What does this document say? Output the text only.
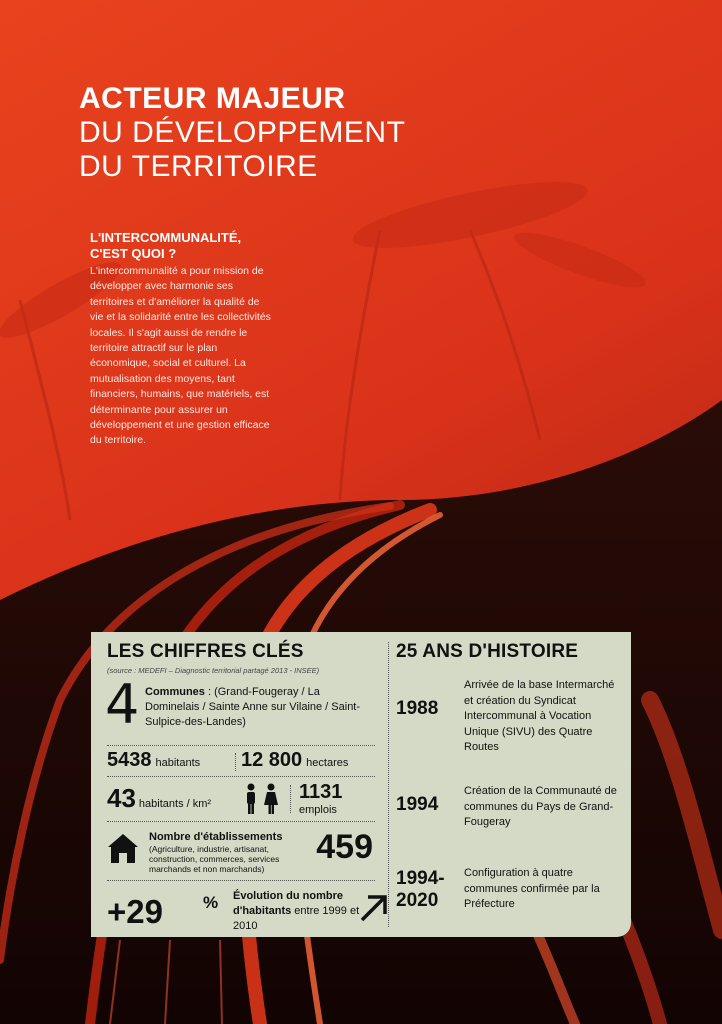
ACTEUR MAJEUR
DU DÉVELOPPEMENT
DU TERRITOIRE
L'INTERCOMMUNALITÉ,
C'EST QUOI ?
L'intercommunalité a pour mission de développer avec harmonie ses territoires et d'améliorer la qualité de vie et la solidarité entre les collectivités locales. Il s'agit aussi de rendre le territoire attractif sur le plan économique, social et culturel. La mutualisation des moyens, tant financiers, humains, que matériels, est déterminante pour assurer un développement et une gestion efficace du territoire.
LES CHIFFRES CLÉS
(source : MEDEFI – Diagnostic territorial partagé 2013 - INSEE)
4 Communes : (Grand-Fougeray / La Dominelais / Sainte Anne sur Vilaine / Saint-Sulpice-des-Landes)
5438 habitants 12 800 hectares
43 habitants / km²
1131
emplois
Nombre d'établissements
(Agriculture, industrie, artisanat, construction, commerces, services marchands et non marchands)
459
+29 % Évolution du nombre d'habitants entre 1999 et 2010
25 ANS D'HISTOIRE
1988
Arrivée de la base Intermarché et création du Syndicat Intercommunal à Vocation Unique (SIVU) des Quatre Routes
1994
Création de la Communauté de communes du Pays de Grand-Fougeray
1994-2020
Configuration à quatre communes confirmée par la Préfecture
